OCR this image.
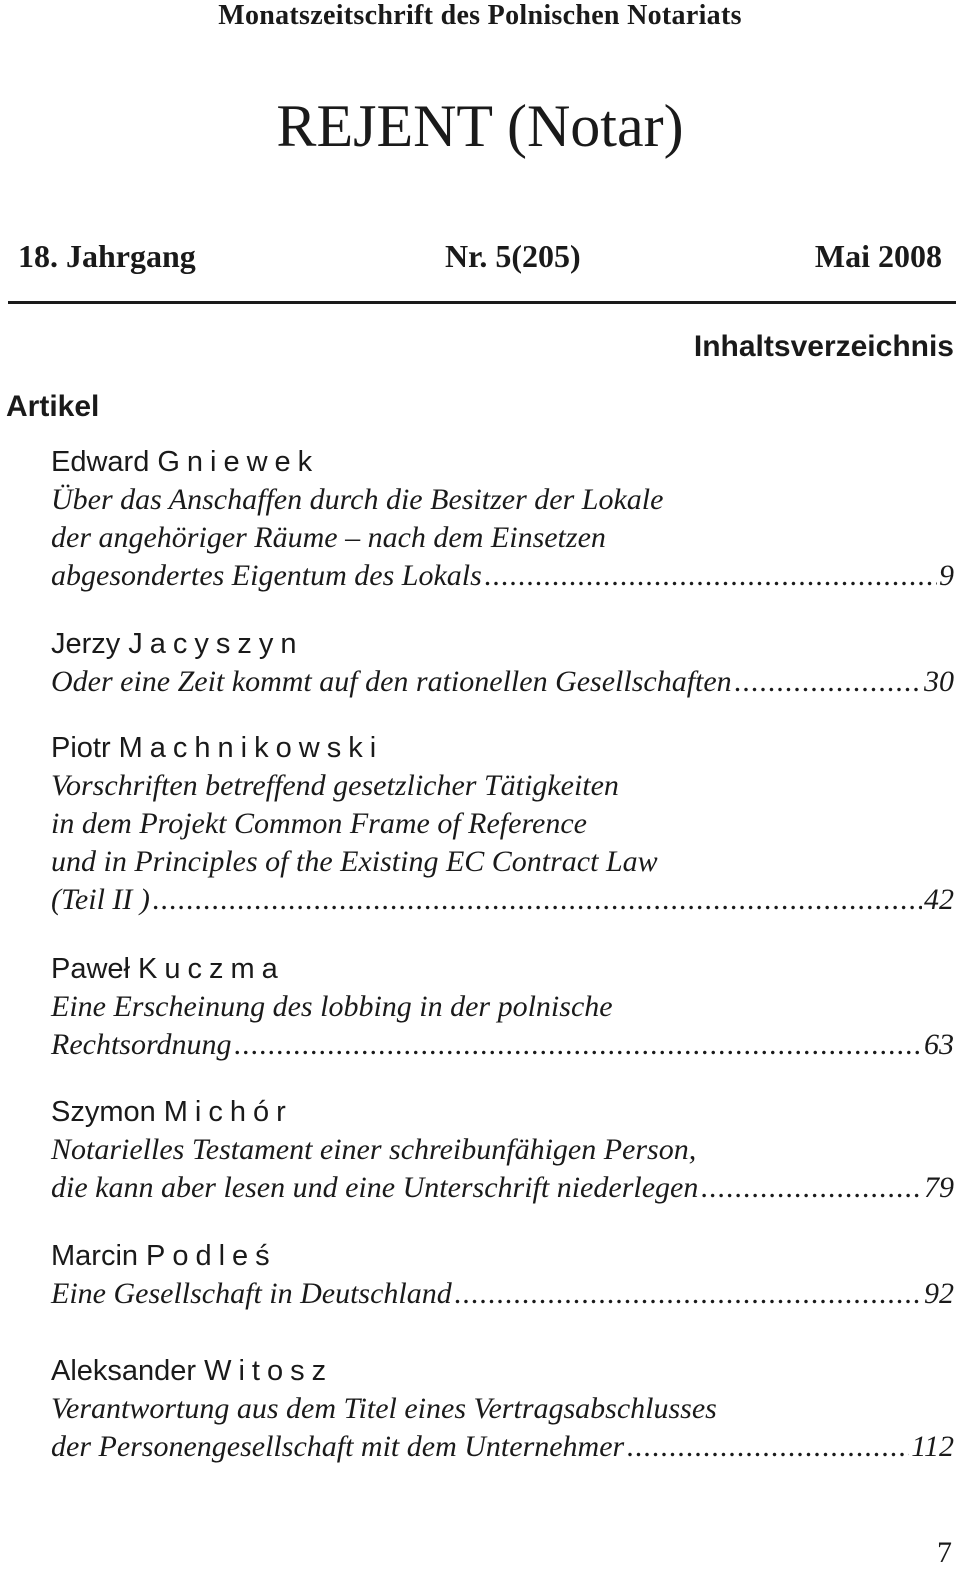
Monatszeitschrift des Polnischen Notariats
REJENT (Notar)
18. Jahrgang	Nr. 5(205)	Mai 2008
Inhaltsverzeichnis
Artikel
Edward Gniewek
Über das Anschaffen durch die Besitzer der Lokale
der angehöriger Räume – nach dem Einsetzen
abgesondertes Eigentum des Lokals .....	9
Jerzy Jacyszyn
Oder eine Zeit kommt auf den rationellen Gesellschaften .....	30
Piotr Machnikowski
Vorschriften betreffend gesetzlicher Tätigkeiten
in dem Projekt Common Frame of Reference
und in Principles of the Existing EC Contract Law
(Teil II ) .....	42
Paweł Kuczma
Eine Erscheinung des lobbing in der polnische
Rechtsordnung .....	63
Szymon Michór
Notarielles Testament einer schreibunfähigen Person,
die kann aber lesen und eine Unterschrift niederlegen .....	79
Marcin Podleś
Eine Gesellschaft in Deutschland .....	92
Aleksander Witosz
Verantwortung aus dem Titel eines Vertragsabschlusses
der Personengesellschaft mit dem Unternehmer .....	112
7
